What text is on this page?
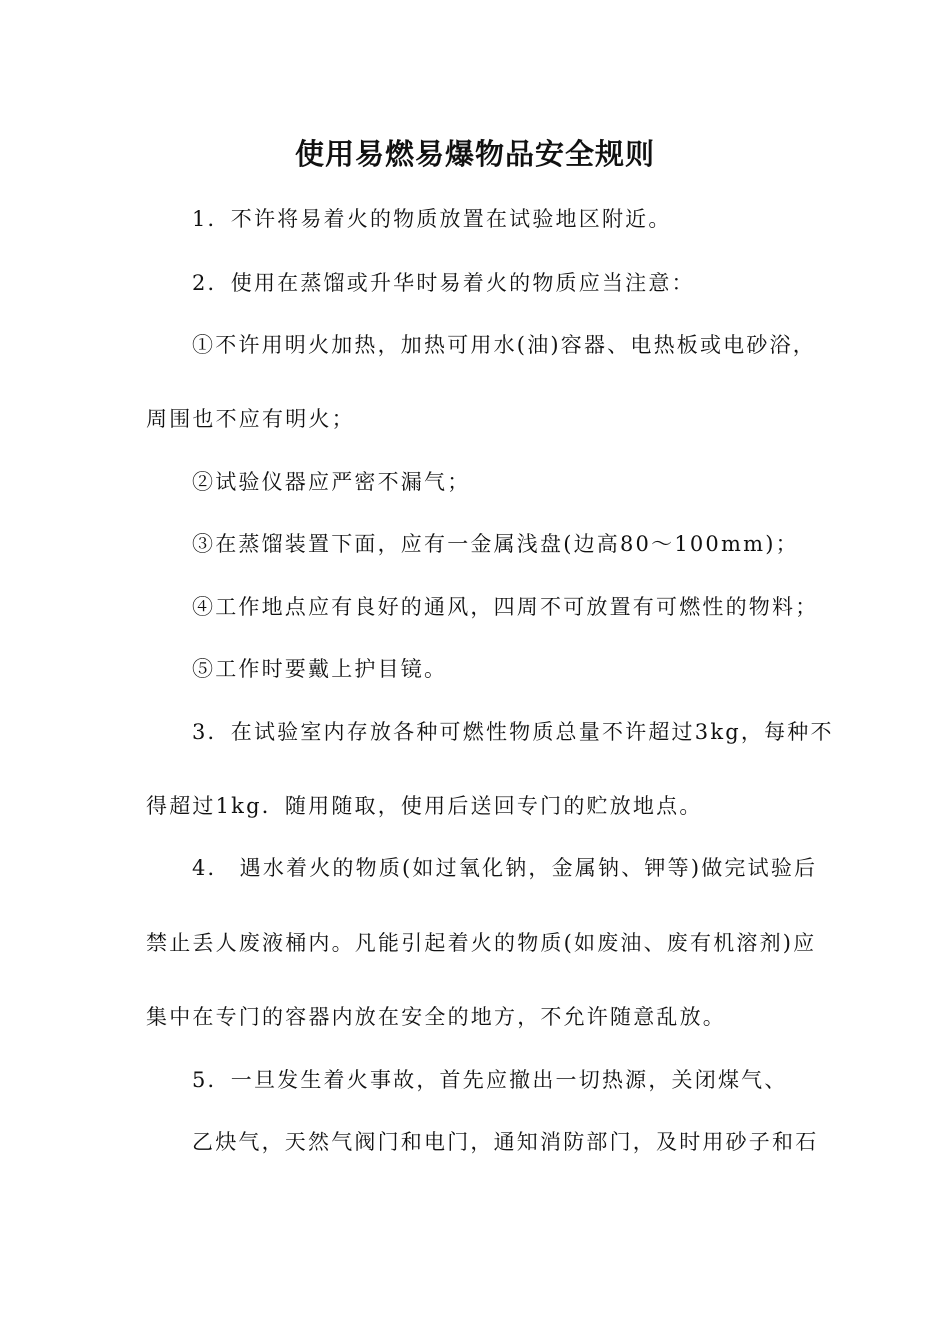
使用易燃易爆物品安全规则
1．不许将易着火的物质放置在试验地区附近。
2．使用在蒸馏或升华时易着火的物质应当注意：
①不许用明火加热，加热可用水(油)容器、电热板或电砂浴，
周围也不应有明火；
②试验仪器应严密不漏气；
③在蒸馏装置下面，应有一金属浅盘(边高80～100mm)；
④工作地点应有良好的通风，四周不可放置有可燃性的物料；
⑤工作时要戴上护目镜。
3．在试验室内存放各种可燃性物质总量不许超过3kg，每种不
得超过1kg．随用随取，使用后送回专门的贮放地点。
4． 遇水着火的物质(如过氧化钠，金属钠、钾等)做完试验后
禁止丢人废液桶内。凡能引起着火的物质(如废油、废有机溶剂)应
集中在专门的容器内放在安全的地方，不允许随意乱放。
5．一旦发生着火事故，首先应撤出一切热源，关闭煤气、
乙炔气，天然气阀门和电门，通知消防部门，及时用砂子和石
